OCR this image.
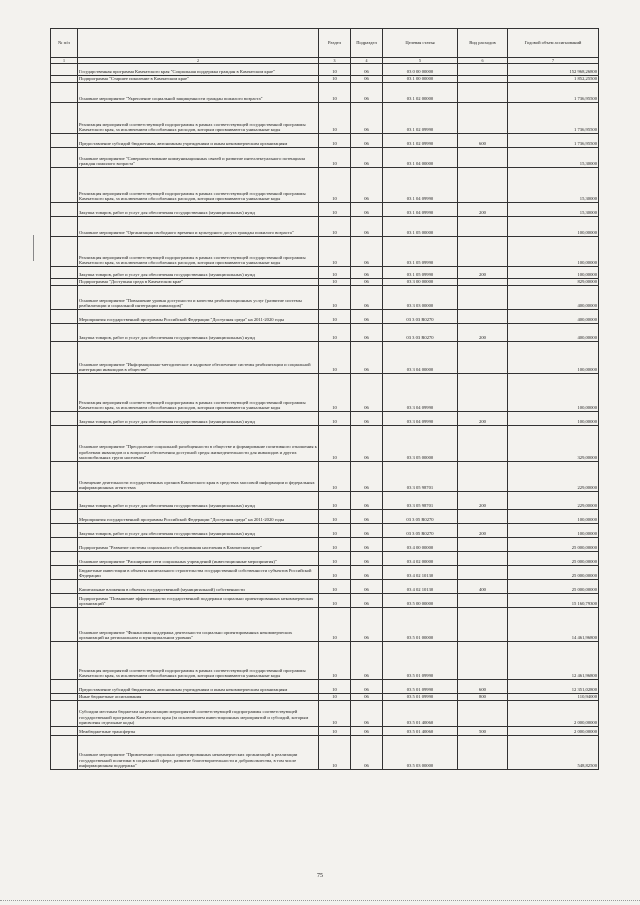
№ п/п		Раздел	Подраздел	Целевая статья	Вид расходов	Годовой объем ассигнований
1	2	3	4	5	6	7
	Государственная программа Камчатского края "Социальная поддержка граждан в Камчатском крае"	10	06	03 0 00 00000		152 968,26800
	Подпрограмма "Старшее поколение в Камчатском крае"	10	06	03 1 00 00000		1 852,25500
	Основное мероприятие "Укрепление социальной защищенности граждан пожилого возраста"	10	06	03 1 02 00000		1 736,95500
	Реализация мероприятий соответствующей подпрограммы в рамках соответствующей государственной программы Камчатского края, за исключением обособленных расходов, которым присваиваются уникальные коды	10	06	03 1 02 09990		1 736,95500
	Предоставление субсидий бюджетным, автономным учреждениям и иным некоммерческим организациям	10	06	03 1 02 09990	600	1 736,95500
	Основное мероприятие "Совершенствование коммуникационных связей и развитие интеллектуального потенциала граждан пожилого возраста"	10	06	03 1 04 00000		15,30000
	Реализация мероприятий соответствующей подпрограммы в рамках соответствующей государственной программы Камчатского края, за исключением обособленных расходов, которым присваиваются уникальные коды	10	06	03 1 04 09990		15,30000
	Закупка товаров, работ и услуг для обеспечения государственных (муниципальных) нужд	10	06	03 1 04 09990	200	15,30000
	Основное мероприятие "Организация свободного времени и культурного досуга граждан пожилого возраста"	10	06	03 1 05 00000		100,00000
	Реализация мероприятий соответствующей подпрограммы в рамках соответствующей государственной программы Камчатского края, за исключением обособленных расходов, которым присваиваются уникальные коды	10	06	03 1 05 09990		100,00000
	Закупка товаров, работ и услуг для обеспечения государственных (муниципальных) нужд	10	06	03 1 05 09990	200	100,00000
	Подпрограмма "Доступная среда в Камчатском крае"	10	06	03 3 00 00000		829,00000
	Основное мероприятие "Повышение уровня доступности и качества реабилитационных услуг (развитие системы реабилитации и социальной интеграции инвалидов)"	10	06	03 3 03 00000		400,00000
	Мероприятия государственной программы Российской Федерации "Доступная среда" на 2011-2020 годы	10	06	03 3 03 R0270		400,00000
	Закупка товаров, работ и услуг для обеспечения государственных (муниципальных) нужд	10	06	03 3 03 R0270	200	400,00000
	Основное мероприятие "Информационно-методическое и кадровое обеспечение системы реабилитации и социальной интеграции инвалидов в обществе"	10	06	03 3 04 00000		100,00000
	Реализация мероприятий соответствующей подпрограммы в рамках соответствующей государственной программы Камчатского края, за исключением обособленных расходов, которым присваиваются уникальные коды	10	06	03 3 04 09990		100,00000
	Закупка товаров, работ и услуг для обеспечения государственных (муниципальных) нужд	10	06	03 3 04 09990	200	100,00000
	Основное мероприятие "Преодоление социальной разобщенности в обществе и формирование позитивного отношения к проблемам инвалидов и к вопросам обеспечения доступной среды жизнедеятельности для инвалидов и других маломобильных групп населения"	10	06	03 3 05 00000		329,00000
	Освещение деятельности государственных органов Камчатского края в средствах массовой информации и федеральных информационных агентствах	10	06	03 3 05 98701		229,00000
	Закупка товаров, работ и услуг для обеспечения государственных (муниципальных) нужд	10	06	03 3 05 98701	200	229,00000
	Мероприятия государственной программы Российской Федерации "Доступная среда" на 2011-2020 годы	10	06	03 3 05 R0270		100,00000
	Закупка товаров, работ и услуг для обеспечения государственных (муниципальных) нужд	10	06	03 3 05 R0270	200	100,00000
	Подпрограмма "Развитие системы социального обслуживания населения в Камчатском крае"	10	06	03 4 00 00000		25 000,00000
	Основное мероприятие "Расширение сети социальных учреждений (инвестиционные мероприятия)"	10	06	03 4 02 00000		25 000,00000
	Бюджетные инвестиции в объекты капитального строительства государственной собственности субъектов Российской Федерации	10	06	03 4 02 10130		25 000,00000
	Капитальные вложения в объекты государственной (муниципальной) собственности	10	06	03 4 02 10130	400	25 000,00000
	Подпрограмма "Повышение эффективности государственной поддержки социально ориентированных некоммерческих организаций"	10	06	03 5 00 00000		15 160,79300
	Основное мероприятие "Финансовая поддержка деятельности социально ориентированных некоммерческих организаций на региональном и муниципальном уровнях"	10	06	03 5 01 00000		14 461,96800
	Реализация мероприятий соответствующей подпрограммы в рамках соответствующей государственной программы Камчатского края, за исключением обособленных расходов, которым присваиваются уникальные коды	10	06	03 5 01 09990		12 461,96800
	Предоставление субсидий бюджетным, автономным учреждениям и иным некоммерческим организациям	10	06	03 5 01 09990	600	12 351,02800
	Иные бюджетные ассигнования	10	06	03 5 01 09990	800	110,94000
	Субсидии местным бюджетам на реализацию мероприятий соответствующей подпрограммы соответствующей государственной программы Камчатского края (за исключением инвестиционных мероприятий и субсидий, которым присвоены отдельные коды)	10	06	03 5 01 40060		2 000,00000
	Межбюджетные трансферты	10	06	03 5 01 40060	500	2 000,00000
	Основное мероприятие "Привлечение социально ориентированных некоммерческих организаций к реализации государственной политики в социальной сфере, развитие благотворительности и добровольчества, в том числе информационная поддержка"	10	06	03 5 03 00000		548,82500
75
